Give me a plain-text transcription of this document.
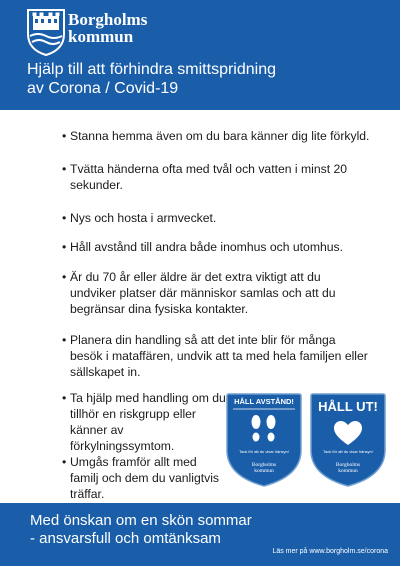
Borgholms
kommun
Hjälp till att förhindra smittspridning
av Corona / Covid-19
• Stanna hemma även om du bara känner dig lite förkyld.
• Tvätta händerna ofta med tvål och vatten i minst 20 sekunder.
• Nys och hosta i armvecket.
• Håll avstånd till andra både inomhus och utomhus.
• Är du 70 år eller äldre är det extra viktigt att du undviker platser där människor samlas och att du begränsar dina fysiska kontakter.
• Planera din handling så att det inte blir för många besök i mataffären, undvik att ta med hela familjen eller sällskapet in.
• Ta hjälp med handling om du tillhör en riskgrupp eller känner av förkylningssymtom.
• Umgås framför allt med familj och dem du vanligtvis träffar.
HÅLL AVSTÅND!
Tack för att du visar hänsyn!
Borgholms
kommun
HÅLL UT!
Tack för att du visar hänsyn!
Borgholms
kommun
Med önskan om en skön sommar
- ansvarsfull och omtänksam
Läs mer på www.borgholm.se/corona
